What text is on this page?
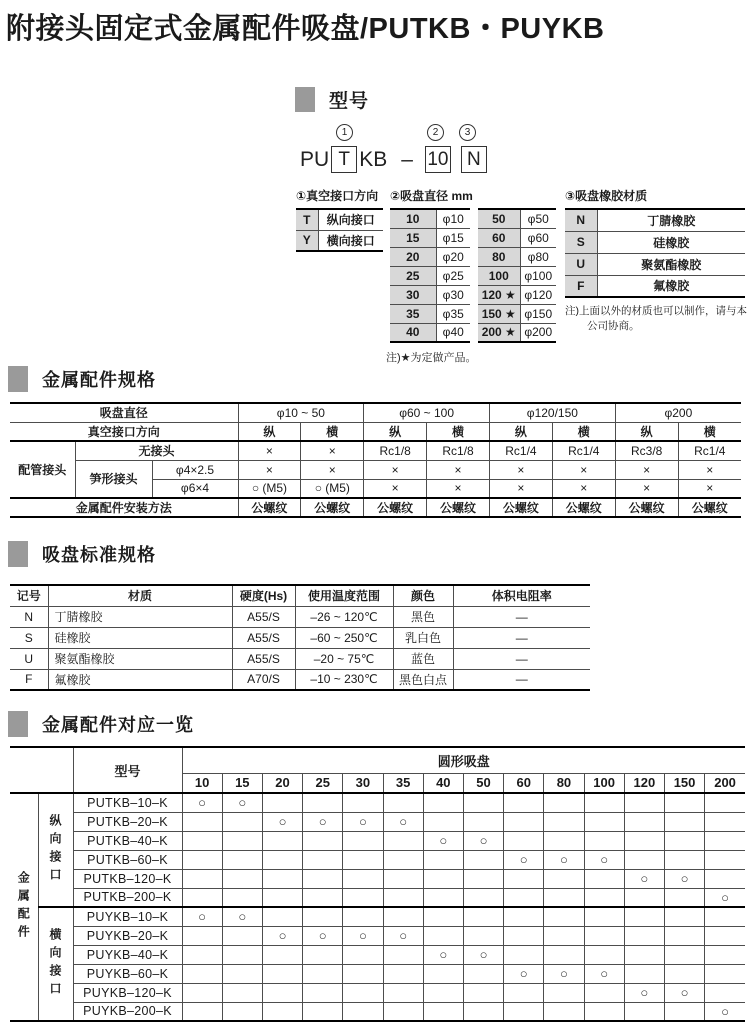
附接头固定式金属配件吸盘/PUTKB・PUYKB
型号
1	2	3
PU T KB – 10 N
①真空接口方向
T	纵向接口
Y	横向接口
②吸盘直径 mm
10	φ10
15	φ15
20	φ20
25	φ25
30	φ30
35	φ35
40	φ40
50	φ50
60	φ60
80	φ80
100	φ100
120 ★	φ120
150 ★	φ150
200 ★	φ200
注)★为定做产品。
③吸盘橡胶材质
N	丁腈橡胶
S	硅橡胶
U	聚氨酯橡胶
F	氟橡胶
注)上面以外的材质也可以制作，请与本
公司协商。
金属配件规格
吸盘直径			φ10 ~ 50		φ60 ~ 100		φ120/150		φ200	
真空接口方向			纵	横	纵	横	纵	横	纵	横
配管接头	无接头		×	×	Rc1/8	Rc1/8	Rc1/4	Rc1/4	Rc3/8	Rc1/4
	笋形接头	φ4×2.5	×	×	×	×	×	×	×	×
		φ6×4	○ (M5)	○ (M5)	×	×	×	×	×	×
金属配件安装方法			公螺纹	公螺纹	公螺纹	公螺纹	公螺纹	公螺纹	公螺纹	公螺纹
吸盘标准规格
记号	材质	硬度(Hs)	使用温度范围	颜色	体积电阻率
N	丁腈橡胶	A55/S	–26 ~ 120℃	黑色	—
S	硅橡胶	A55/S	–60 ~ 250℃	乳白色	—
U	聚氨酯橡胶	A55/S	–20 ~ 75℃	蓝色	—
F	氟橡胶	A70/S	–10 ~ 230℃	黑色白点	—
金属配件对应一览
		型号	圆形吸盘													
			10	15	20	25	30	35	40	50	60	80	100	120	150	200
金属配件	纵向接口	PUTKB–10–K	○	○												
		PUTKB–20–K			○	○	○	○								
		PUTKB–40–K							○	○						
		PUTKB–60–K									○	○	○			
		PUTKB–120–K												○	○	
		PUTKB–200–K														○
	横向接口	PUYKB–10–K	○	○												
		PUYKB–20–K			○	○	○	○								
		PUYKB–40–K							○	○						
		PUYKB–60–K									○	○	○			
		PUYKB–120–K												○	○	
		PUYKB–200–K														○
